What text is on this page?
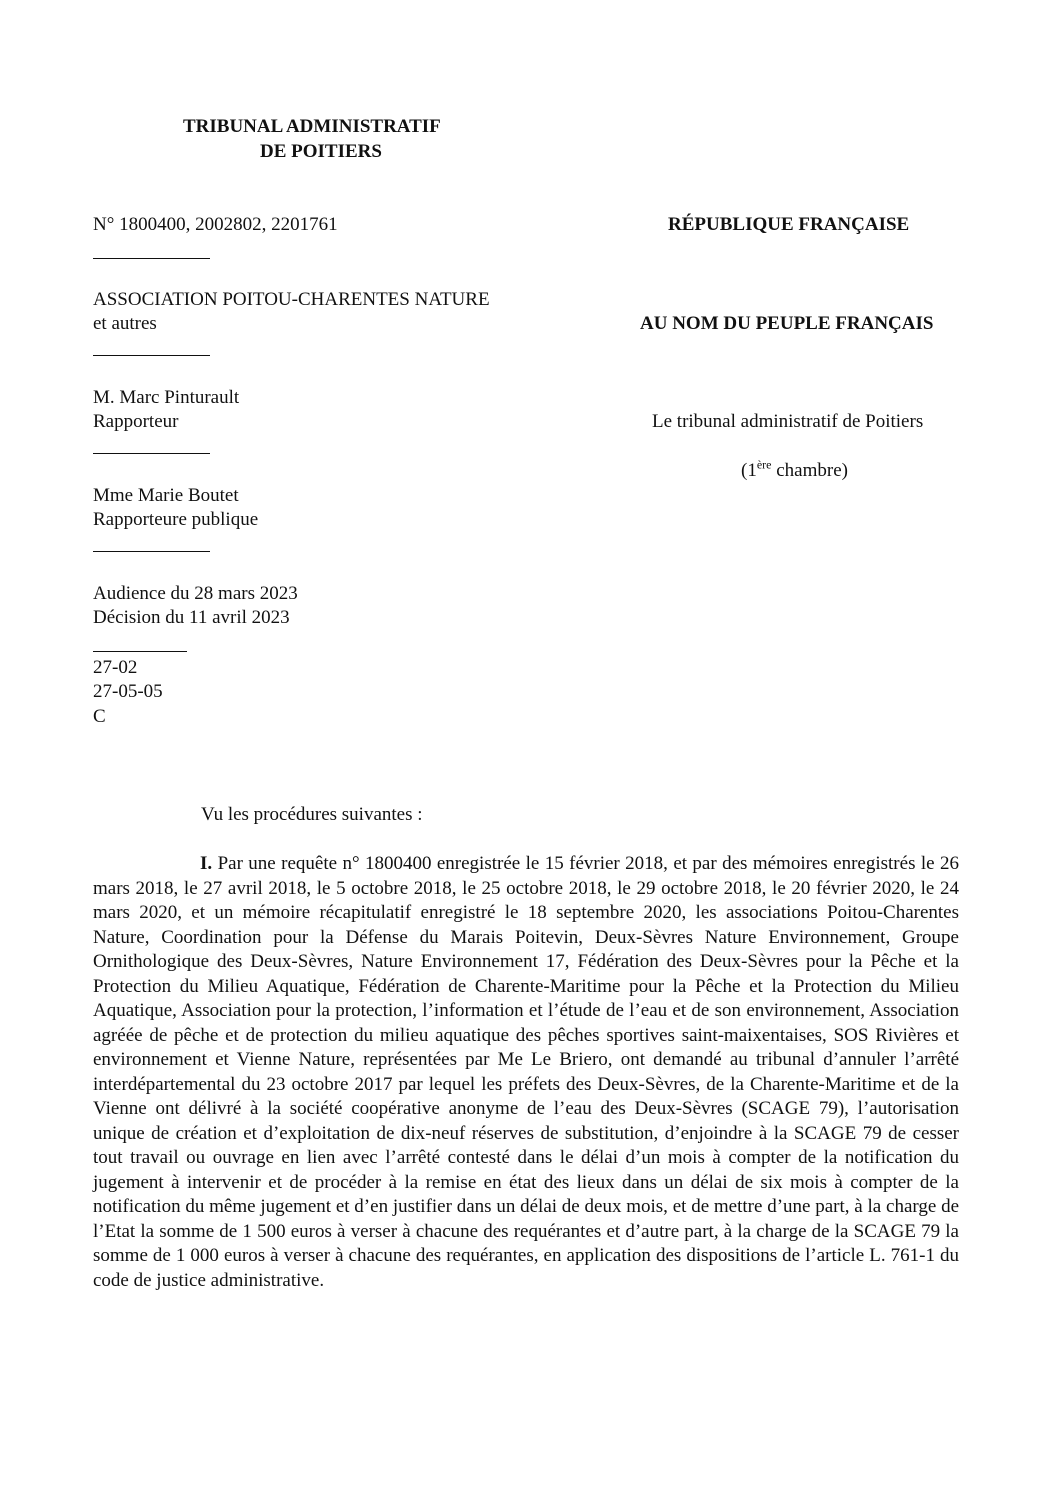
TRIBUNAL ADMINISTRATIF
DE POITIERS
N° 1800400, 2002802, 2201761
ASSOCIATION POITOU-CHARENTES NATURE
et autres
M. Marc Pinturault
Rapporteur
Mme Marie Boutet
Rapporteure publique
Audience du 28 mars 2023
Décision du 11 avril 2023
27-02
27-05-05
C
RÉPUBLIQUE FRANÇAISE
AU NOM DU PEUPLE FRANÇAIS
Le tribunal administratif de Poitiers
(1ère chambre)
Vu les procédures suivantes :

I. Par une requête n° 1800400 enregistrée le 15 février 2018, et par des mémoires enregistrés le 26 mars 2018, le 27 avril 2018, le 5 octobre 2018, le 25 octobre 2018, le 29 octobre 2018, le 20 février 2020, le 24 mars 2020, et un mémoire récapitulatif enregistré le 18 septembre 2020, les associations Poitou-Charentes Nature, Coordination pour la Défense du Marais Poitevin, Deux-Sèvres Nature Environnement, Groupe Ornithologique des Deux-Sèvres, Nature Environnement 17, Fédération des Deux-Sèvres pour la Pêche et la Protection du Milieu Aquatique, Fédération de Charente-Maritime pour la Pêche et la Protection du Milieu Aquatique, Association pour la protection, l’information et l’étude de l’eau et de son environnement, Association agréée de pêche et de protection du milieu aquatique des pêches sportives saint-maixentaises, SOS Rivières et environnement et Vienne Nature, représentées par Me Le Briero, ont demandé au tribunal d’annuler l’arrêté interdépartemental du 23 octobre 2017 par lequel les préfets des Deux-Sèvres, de la Charente-Maritime et de la Vienne ont délivré à la société coopérative anonyme de l’eau des Deux-Sèvres (SCAGE 79), l’autorisation unique de création et d’exploitation de dix-neuf réserves de substitution, d’enjoindre à la SCAGE 79 de cesser tout travail ou ouvrage en lien avec l’arrêté contesté dans le délai d’un mois à compter de la notification du jugement à intervenir et de procéder à la remise en état des lieux dans un délai de six mois à compter de la notification du même jugement et d’en justifier dans un délai de deux mois, et de mettre d’une part, à la charge de l’Etat la somme de 1 500 euros à verser à chacune des requérantes et d’autre part, à la charge de la SCAGE 79 la somme de 1 000 euros à verser à chacune des requérantes, en application des dispositions de l’article L. 761-1 du code de justice administrative.
